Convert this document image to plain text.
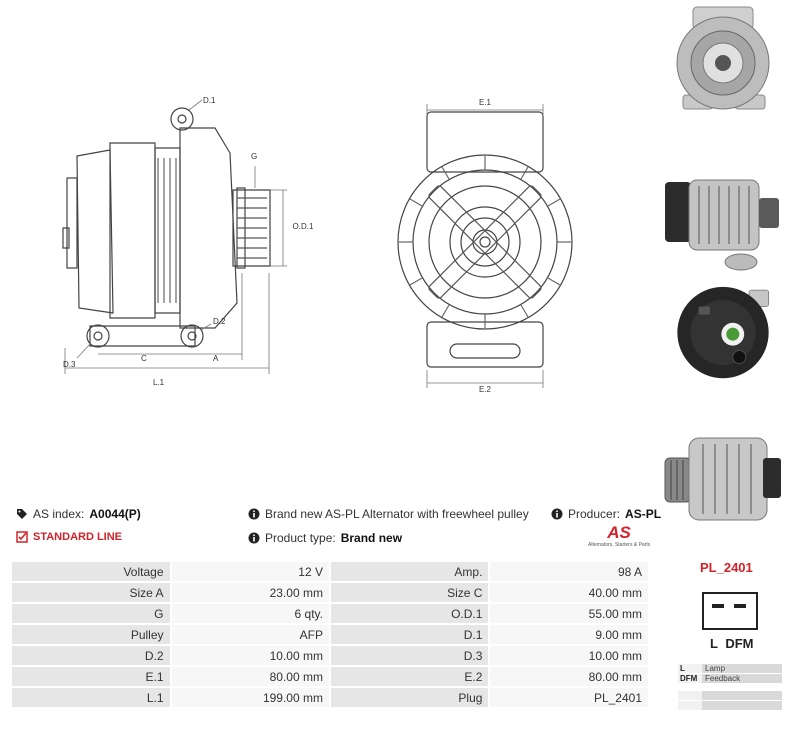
D.1
G
O.D.1
D.2
D.3
C	A
L.1
E.1
E.2
AS index: A0044(P)
STANDARD LINE
Brand new AS-PL Alternator with freewheel pulley
Product type: Brand new
Producer: AS-PL
AS
Alternators, Starters & Parts
Voltage	12 V	Amp.	98 A
Size A	23.00 mm	Size C	40.00 mm
G	6 qty.	O.D.1	55.00 mm
Pulley	AFP	D.1	9.00 mm
D.2	10.00 mm	D.3	10.00 mm
E.1	80.00 mm	E.2	80.00 mm
L.1	199.00 mm	Plug	PL_2401
PL_2401
L DFM
L	Lamp
DFM Feedback
